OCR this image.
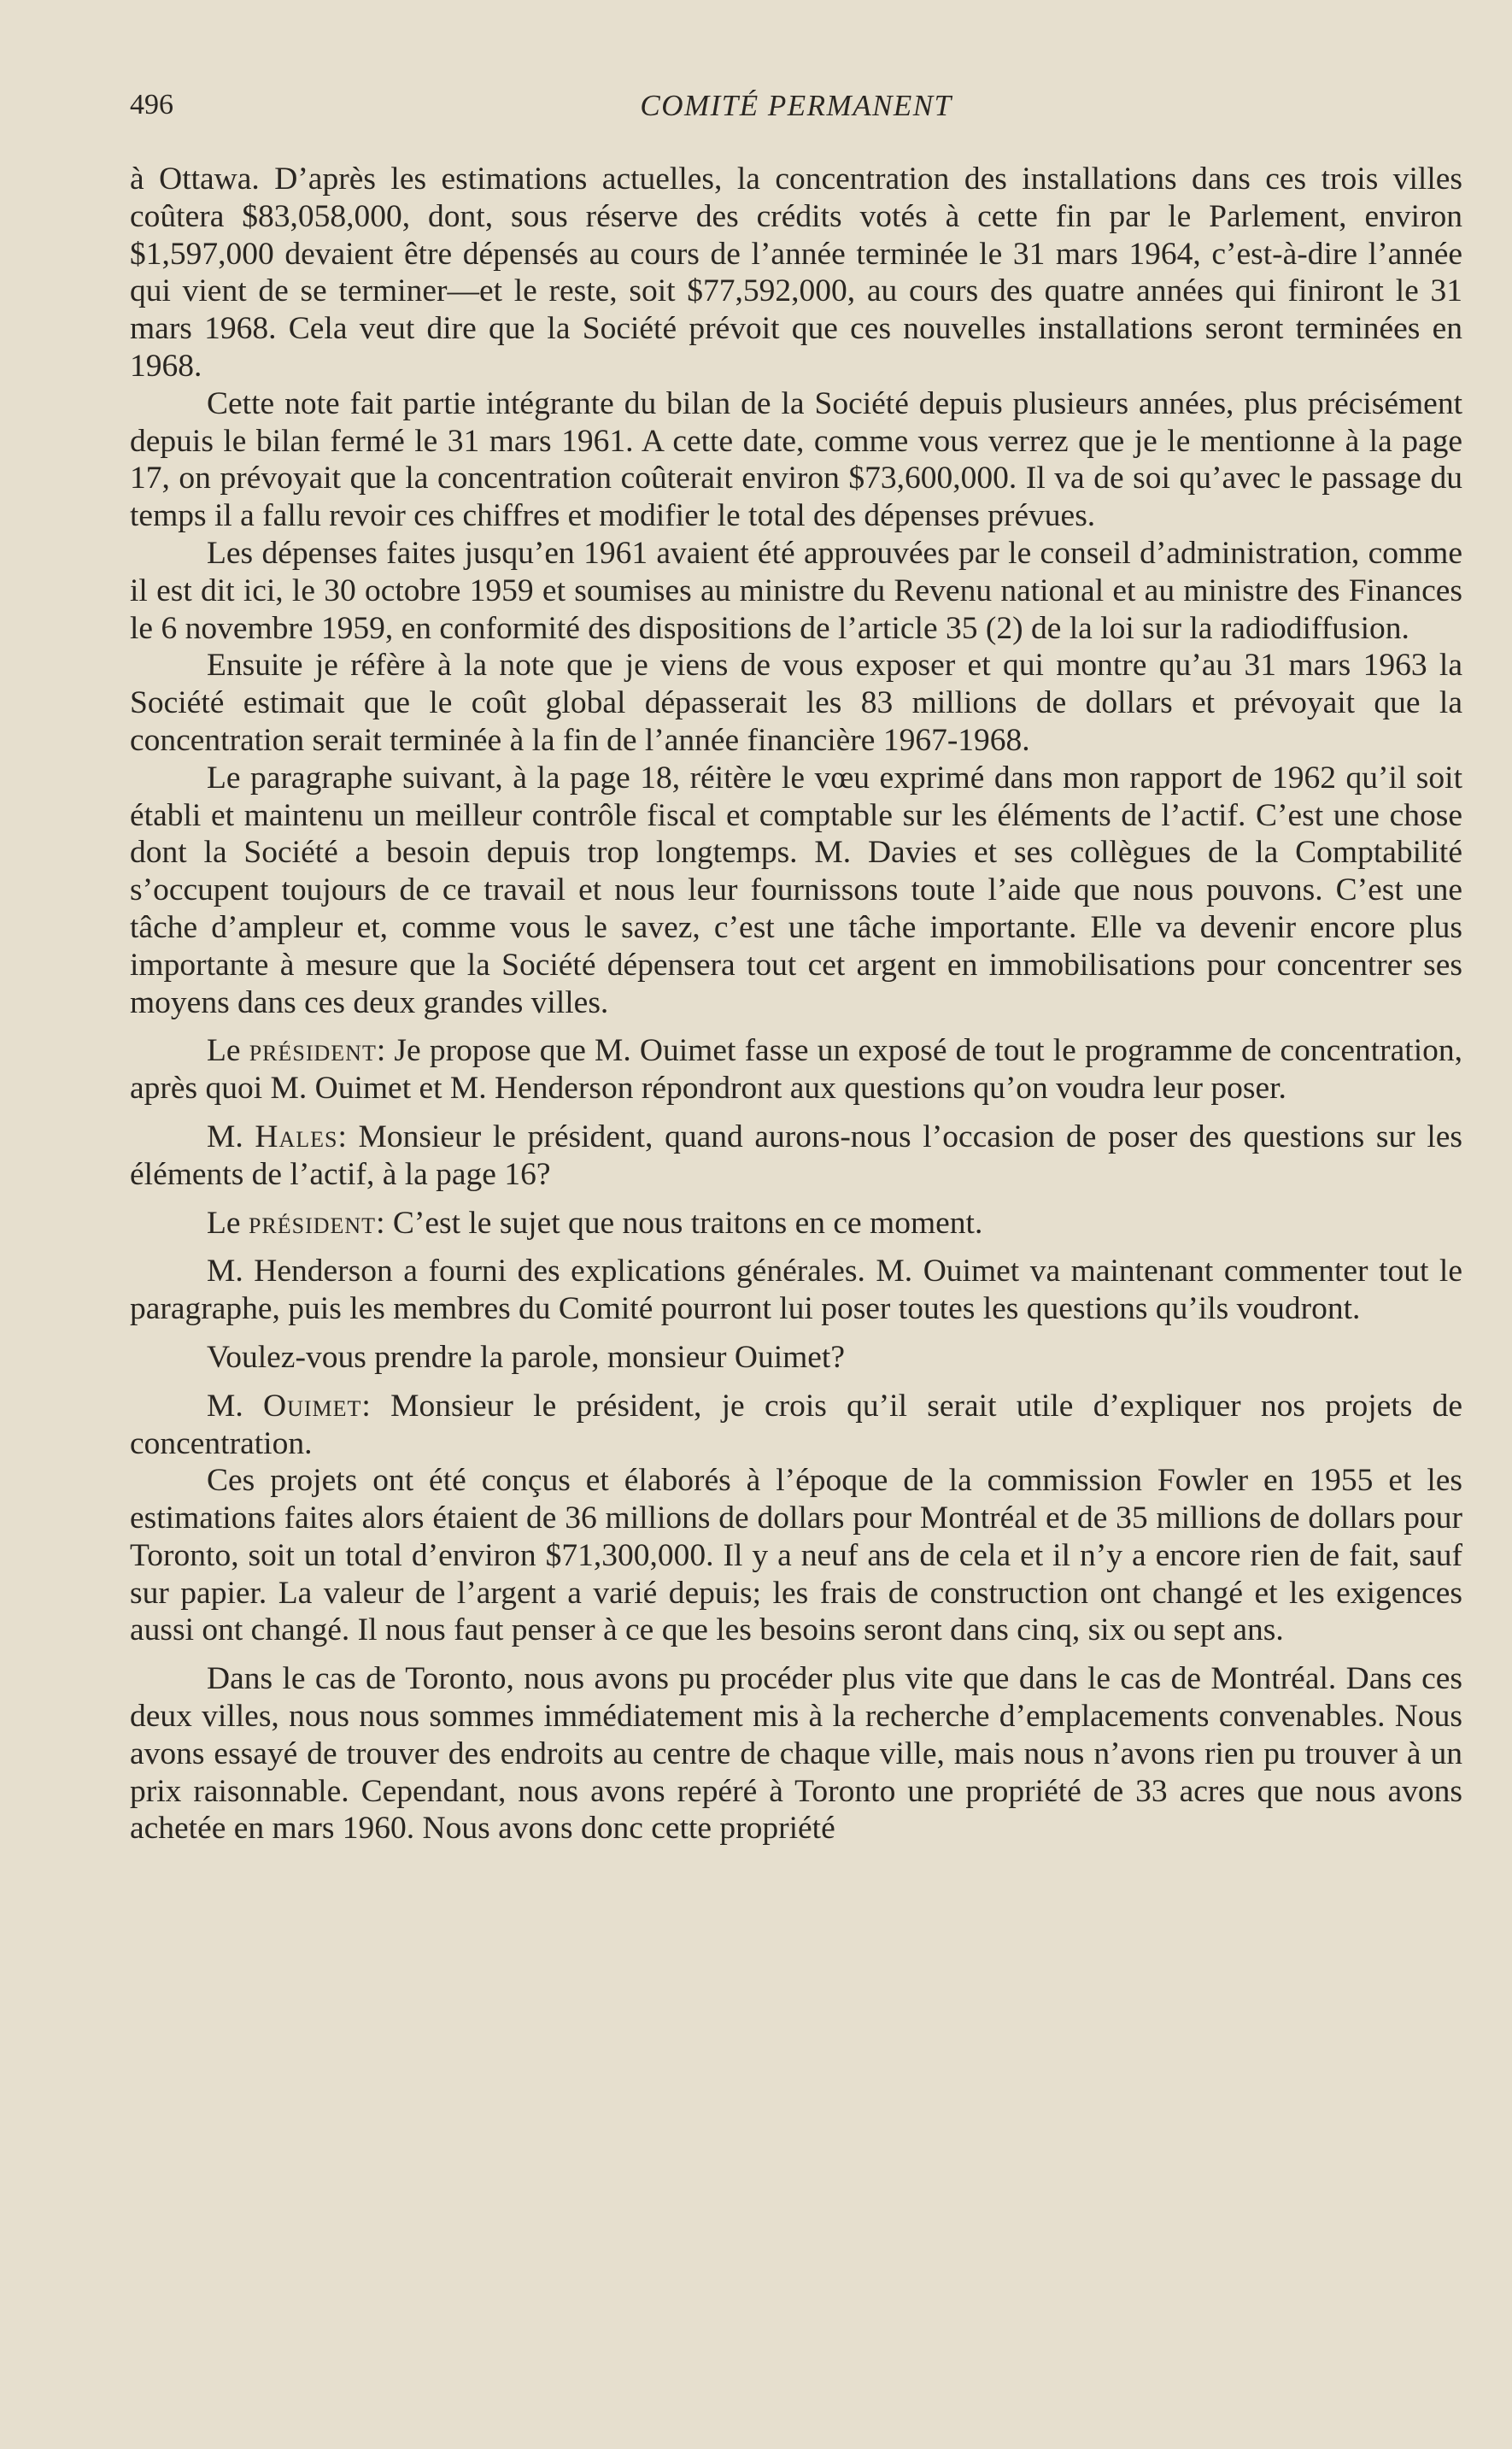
496	COMITÉ PERMANENT

à Ottawa. D’après les estimations actuelles, la concentration des installations dans ces trois villes coûtera $83,058,000, dont, sous réserve des crédits votés à cette fin par le Parlement, environ $1,597,000 devaient être dépensés au cours de l’année terminée le 31 mars 1964, c’est-à-dire l’année qui vient de se terminer—et le reste, soit $77,592,000, au cours des quatre années qui finiront le 31 mars 1968. Cela veut dire que la Société prévoit que ces nouvelles installations seront terminées en 1968.

Cette note fait partie intégrante du bilan de la Société depuis plusieurs années, plus précisément depuis le bilan fermé le 31 mars 1961. A cette date, comme vous verrez que je le mentionne à la page 17, on prévoyait que la concentration coûterait environ $73,600,000. Il va de soi qu’avec le passage du temps il a fallu revoir ces chiffres et modifier le total des dépenses prévues.

Les dépenses faites jusqu’en 1961 avaient été approuvées par le conseil d’administration, comme il est dit ici, le 30 octobre 1959 et soumises au ministre du Revenu national et au ministre des Finances le 6 novembre 1959, en conformité des dispositions de l’article 35 (2) de la loi sur la radiodiffusion.

Ensuite je réfère à la note que je viens de vous exposer et qui montre qu’au 31 mars 1963 la Société estimait que le coût global dépasserait les 83 millions de dollars et prévoyait que la concentration serait terminée à la fin de l’année financière 1967-1968.

Le paragraphe suivant, à la page 18, réitère le vœu exprimé dans mon rapport de 1962 qu’il soit établi et maintenu un meilleur contrôle fiscal et comptable sur les éléments de l’actif. C’est une chose dont la Société a besoin depuis trop longtemps. M. Davies et ses collègues de la Comptabilité s’occupent toujours de ce travail et nous leur fournissons toute l’aide que nous pouvons. C’est une tâche d’ampleur et, comme vous le savez, c’est une tâche importante. Elle va devenir encore plus importante à mesure que la Société dépensera tout cet argent en immobilisations pour concentrer ses moyens dans ces deux grandes villes.

Le président: Je propose que M. Ouimet fasse un exposé de tout le programme de concentration, après quoi M. Ouimet et M. Henderson répondront aux questions qu’on voudra leur poser.

M. Hales: Monsieur le président, quand aurons-nous l’occasion de poser des questions sur les éléments de l’actif, à la page 16?

Le président: C’est le sujet que nous traitons en ce moment.

M. Henderson a fourni des explications générales. M. Ouimet va maintenant commenter tout le paragraphe, puis les membres du Comité pourront lui poser toutes les questions qu’ils voudront.

Voulez-vous prendre la parole, monsieur Ouimet?

M. Ouimet: Monsieur le président, je crois qu’il serait utile d’expliquer nos projets de concentration.

Ces projets ont été conçus et élaborés à l’époque de la commission Fowler en 1955 et les estimations faites alors étaient de 36 millions de dollars pour Montréal et de 35 millions de dollars pour Toronto, soit un total d’environ $71,300,000. Il y a neuf ans de cela et il n’y a encore rien de fait, sauf sur papier. La valeur de l’argent a varié depuis; les frais de construction ont changé et les exigences aussi ont changé. Il nous faut penser à ce que les besoins seront dans cinq, six ou sept ans.

Dans le cas de Toronto, nous avons pu procéder plus vite que dans le cas de Montréal. Dans ces deux villes, nous nous sommes immédiatement mis à la recherche d’emplacements convenables. Nous avons essayé de trouver des endroits au centre de chaque ville, mais nous n’avons rien pu trouver à un prix raisonnable. Cependant, nous avons repéré à Toronto une propriété de 33 acres que nous avons achetée en mars 1960. Nous avons donc cette propriété
